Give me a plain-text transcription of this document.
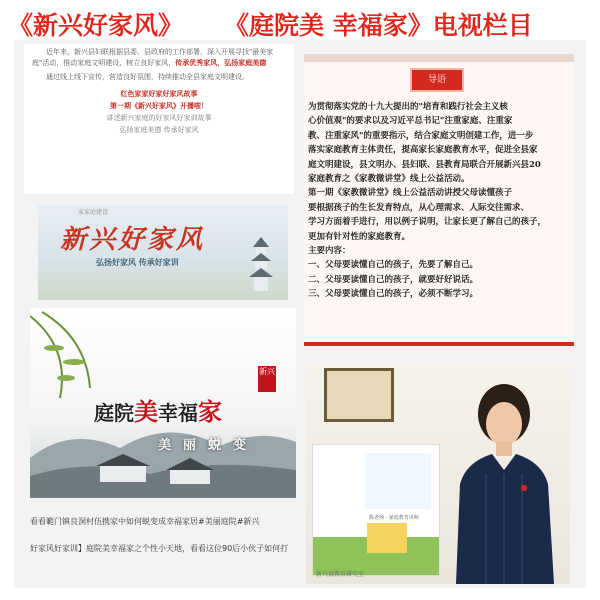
《新兴好家风》 《庭院美 幸福家》电视栏目
近年来，新兴县妇联根据县委、县政府的工作部署，深入开展寻找"最美家庭"活动，推动家庭文明建设，树立良好家风，传承优秀家风，弘扬家庭美德
通过线上线下宣传，营造良好氛围，持续推动全县家庭文明建设。
红色家家好家好家风故事
第一期《新兴好家风》开播啦！
讲述新兴家庭的好家风好家训故事
弘扬家庭美德 传承好家风
家家庭建设
新兴好家风
弘扬好家风 传承好家训
新兴
庭院美幸福家
美丽蜕变
看看範门镇良洞村伍携家中如何蜕变成幸福家居#美丽庭院#新兴
好家风好家训】庭院美幸福家之个性小天地，看看这位90后小伙子如何打
导语
为贯彻落实党的十九大提出的"培育和践行社会主义核
心价值观"的要求以及习近平总书记"注重家庭、注重家
教、注重家风"的重要指示，结合家庭文明创建工作，进一步
落实家庭教育主体责任，提高家长家庭教育水平，促进全县家
庭文明建设，县文明办、县妇联、县教育局联合开展新兴县20
家庭教育之《家教微讲堂》线上公益活动。
第一期《家教微讲堂》线上公益活动讲授父母读懂孩子
要根据孩子的生长发育特点，从心理需求、人际交往需求、
学习方面着手进行，用以例子说明，让家长更了解自己的孩子，
更加有针对性的家庭教育。
主要内容：
一、父母要读懂自己的孩子，先要了解自己。
二、父母要读懂自己的孩子，就要好好说话。
三、父母要读懂自己的孩子，必须不断学习。
陈老师 · 家庭教育讲师
新兴县教育研究室
